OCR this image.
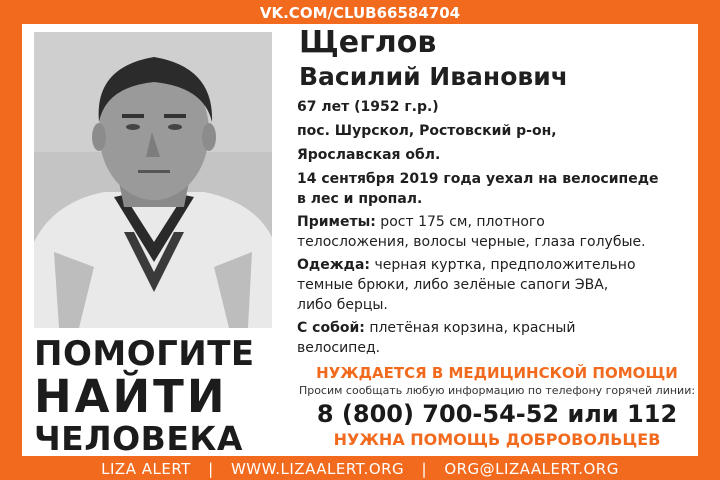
VK.COM/CLUB66584704
ПОМОГИТЕ
НАЙТИ
ЧЕЛОВЕКА
Щеглов
Василий Иванович
67 лет (1952 г.р.)
пос. Шурскол, Ростовский р-он,
Ярославская обл.
14 сентября 2019 года уехал на велосипеде
в лес и пропал.
Приметы: рост 175 см, плотного
телосложения, волосы черные, глаза голубые.
Одежда: черная куртка, предположительно
темные брюки, либо зелёные сапоги ЭВА,
либо берцы.
С собой: плетёная корзина, красный
велосипед.
НУЖДАЕТСЯ В МЕДИЦИНСКОЙ ПОМОЩИ
Просим сообщать любую информацию по телефону горячей линии:
8 (800) 700-54-52 или 112
НУЖНА ПОМОЩЬ ДОБРОВОЛЬЦЕВ
LIZA ALERT | WWW.LIZAALERT.ORG | ORG@LIZAALERT.ORG
